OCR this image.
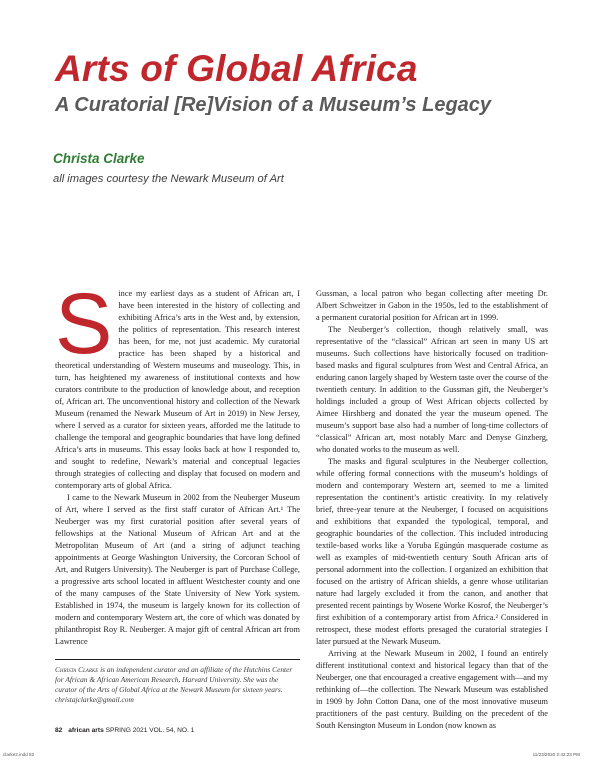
Arts of Global Africa
A Curatorial [Re]Vision of a Museum’s Legacy
Christa Clarke
all images courtesy the Newark Museum of Art
S ince my earliest days as a student of African art, I have been interested in the history of collecting and exhibiting Africa’s arts in the West and, by extension, the politics of representation. This research interest has been, for me, not just academic. My curatorial practice has been shaped by a historical and theoretical understanding of Western museums and museology. This, in turn, has heightened my awareness of institutional contexts and how curators contribute to the production of knowledge about, and reception of, African art. The unconventional history and collection of the Newark Museum (renamed the Newark Museum of Art in 2019) in New Jersey, where I served as a curator for sixteen years, afforded me the latitude to challenge the temporal and geographic boundaries that have long defined Africa’s arts in museums. This essay looks back at how I responded to, and sought to redefine, Newark’s material and conceptual legacies through strategies of collecting and display that focused on modern and contemporary arts of global Africa.

I came to the Newark Museum in 2002 from the Neuberger Museum of Art, where I served as the first staff curator of African Art.¹ The Neuberger was my first curatorial position after several years of fellowships at the National Museum of African Art and at the Metropolitan Museum of Art (and a string of adjunct teaching appointments at George Washington University, the Corcoran School of Art, and Rutgers University). The Neuberger is part of Purchase College, a progressive arts school located in affluent Westchester county and one of the many campuses of the State University of New York system. Established in 1974, the museum is largely known for its collection of modern and contemporary Western art, the core of which was donated by philanthropist Roy R. Neuberger. A major gift of central African art from Lawrence

Gussman, a local patron who began collecting after meeting Dr. Albert Schweitzer in Gabon in the 1950s, led to the establishment of a permanent curatorial position for African art in 1999.

The Neuberger’s collection, though relatively small, was representative of the “classical” African art seen in many US art museums. Such collections have historically focused on tradition-based masks and figural sculptures from West and Central Africa, an enduring canon largely shaped by Western taste over the course of the twentieth century. In addition to the Gussman gift, the Neuberger’s holdings included a group of West African objects collected by Aimee Hirshberg and donated the year the museum opened. The museum’s support base also had a number of long-time collectors of “classical” African art, most notably Marc and Denyse Ginzberg, who donated works to the museum as well.

The masks and figural sculptures in the Neuberger collection, while offering formal connections with the museum’s holdings of modern and contemporary Western art, seemed to me a limited representation the continent’s artistic creativity. In my relatively brief, three-year tenure at the Neuberger, I focused on acquisitions and exhibitions that expanded the typological, temporal, and geographic boundaries of the collection. This included introducing textile-based works like a Yoruba Egúngún masquerade costume as well as examples of mid-twentieth century South African arts of personal adornment into the collection. I organized an exhibition that focused on the artistry of African shields, a genre whose utilitarian nature had largely excluded it from the canon, and another that presented recent paintings by Wosene Worke Kosrof, the Neuberger’s first exhibition of a contemporary artist from Africa.² Considered in retrospect, these modest efforts presaged the curatorial strategies I later pursued at the Newark Museum.

Arriving at the Newark Museum in 2002, I found an entirely different institutional context and historical legacy than that of the Neuberger, one that encouraged a creative engagement with—and my rethinking of—the collection. The Newark Museum was established in 1909 by John Cotton Dana, one of the most innovative museum practitioners of the past century. Building on the precedent of the South Kensington Museum in London (now known as

Christa Clarke is an independent curator and an affiliate of the Hutchins Center for African & African American Research, Harvard University. She was the curator of the Arts of Global Africa at the Newark Museum for sixteen years. christajclarke@gmail.com
82 african arts SPRING 2021 VOL. 54, NO. 1
clarke2.indd 82	11/23/2020 2:42:23 PM
